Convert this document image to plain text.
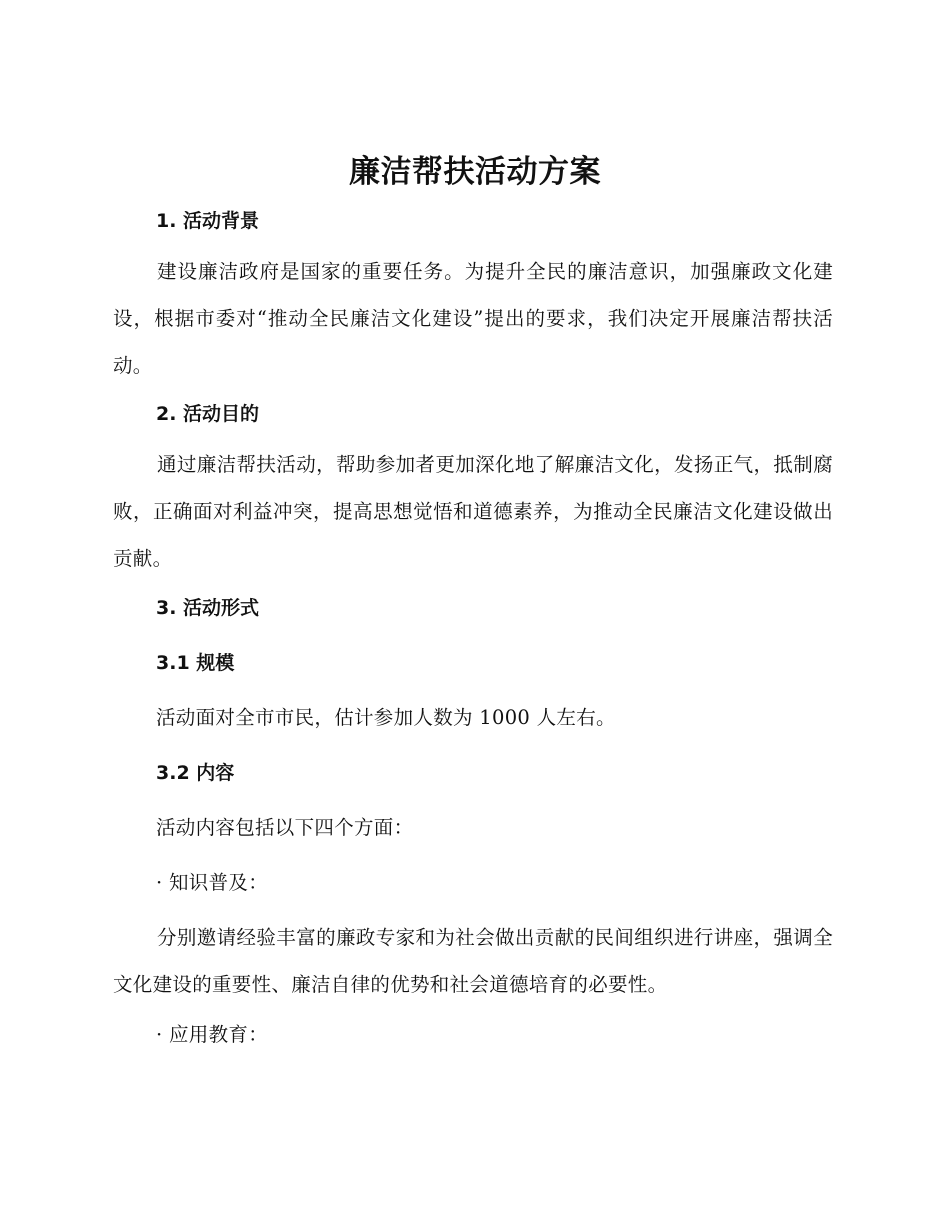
廉洁帮扶活动方案
1. 活动背景
建设廉洁政府是国家的重要任务。为提升全民的廉洁意识，加强廉政文化建设，根据市委对“推动全民廉洁文化建设”提出的要求，我们决定开展廉洁帮扶活动。
2. 活动目的
通过廉洁帮扶活动，帮助参加者更加深化地了解廉洁文化，发扬正气，抵制腐败，正确面对利益冲突，提高思想觉悟和道德素养，为推动全民廉洁文化建设做出贡献。
3. 活动形式
3.1 规模
活动面对全市市民，估计参加人数为 1000 人左右。
3.2 内容
活动内容包括以下四个方面：
· 知识普及：
分别邀请经验丰富的廉政专家和为社会做出贡献的民间组织进行讲座，强调全文化建设的重要性、廉洁自律的优势和社会道德培育的必要性。
· 应用教育：
